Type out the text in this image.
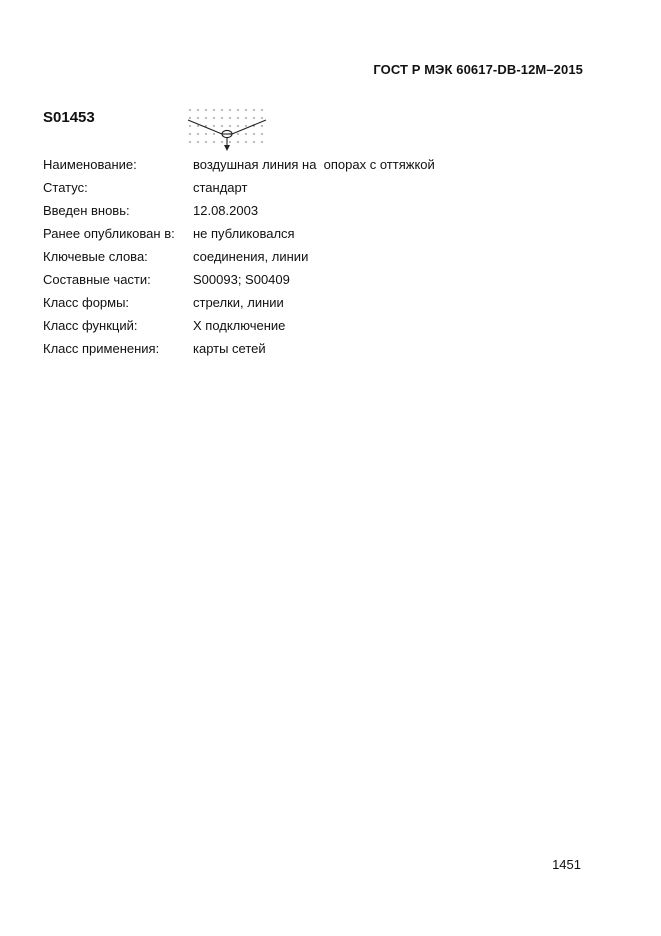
ГОСТ Р МЭК 60617-DB-12M–2015
S01453

Наименование:

	воздушная линия на  опорах с оттяжкой

Статус:

	стандарт

Введен вновь:

	12.08.2003

Ранее опубликован в:

не публиковался

Ключевые слова:

	соединения, линии

Составные части:

	S00093; S00409

Класс формы:

	стрелки, линии

Класс функций:

	X подключение

Класс применения:

	карты сетей

1451
